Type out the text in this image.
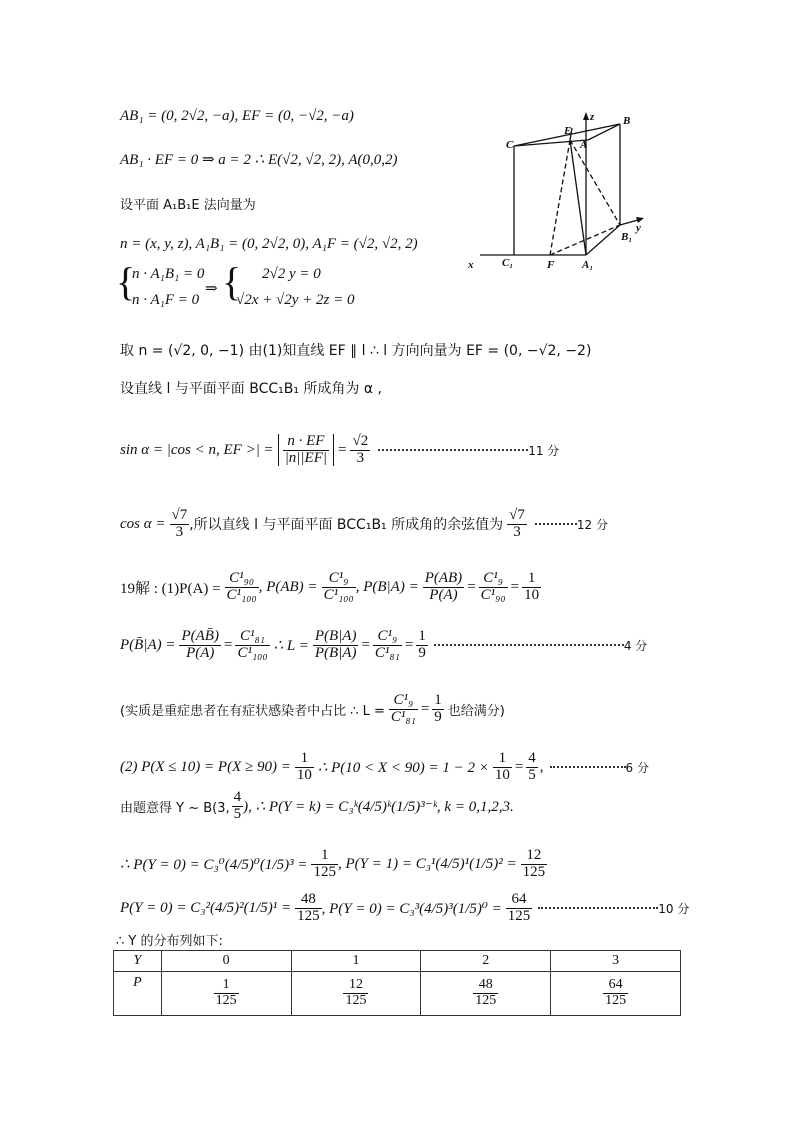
AB₁ = (0, 2√2, −a), EF = (0, −√2, −a)
AB₁ · EF = 0 ⇒ a = 2 ∴ E(√2, √2, 2), A(0,0,2)
设平面 A₁B₁E 法向量为
n = (x, y, z), A₁B₁ = (0, 2√2, 0), A₁F = (√2, √2, 2)
{
n · A₁B₁ = 0
n · A₁F = 0
⇒ { 2√2 y = 0
√2x + √2y + 2z = 0
取 n = (√2, 0, −1) 由(1)知直线 EF ∥ l ∴ l 方向向量为 EF = (0, −√2, −2)
设直线 l 与平面平面 BCC₁B₁ 所成角为 α ,
sin α = |cos < n, EF >| = $\frac{n \cdot EF}{|n||EF|} = \frac{√2}{3}$	11 分
$\cos \alpha = \frac{√7}{3}$ ,所以直线 l 与平面平面 BCC₁B₁ 所成角的余弦值为 $\frac{√7}{3}$	12 分
C
E
z	B
A
y
B₁
x	C₁	F	A₁
19解 : $(1)P(A) = \frac{\text{C¹₉₀}}{\text{C¹₁₀₀}}$ , $P(AB) = \frac{\text{C¹₉}}{\text{C¹₁₀₀}}$ , $P(B|A) = \frac{P(AB)}{P(A)} = \frac{\text{C¹₉}}{\text{C¹₉₀}} = \frac{1}{10}$
P(B̄|A) = $\frac{P(AB̄)}{P(A)} = \frac{\text{C¹₈₁}}{\text{C¹₁₀₀}}$ ∴ $L = \frac{P(B|A)}{P(B̄|A)} = \frac{\text{C¹₉}}{\text{C¹₈₁}} = \frac{1}{9}$	4 分
(实质是重症患者在有症状感染者中占比 ∴ $L = \frac{\text{C¹₉}}{\text{C¹₈₁}} = \frac{1}{9}$ 也给满分)
(2) $P(X \le 10) = P(X \ge 90) = \frac{1}{10}$ ∴ $P(10 < X < 90) = 1 - 2 \times \frac{1}{10} = \frac{4}{5}$ ,	6 分
由题意得 Y ~ B(3, $\frac{4}{5}$ ), ∴ P(Y = k) = C₃ᵏ(4/5)ᵏ(1/5)³⁻ᵏ, k = 0,1,2,3.
∴ $P(Y = 0) = C_3^0(4/5)^0(1/5)^3 = \frac{1}{125}$ , $P(Y = 1) = C_3^1(4/5)^1(1/5)^2 = \frac{12}{125}$
$P(Y = 0) = C_3^2(4/5)^2(1/5)^1 = \frac{48}{125}$ , $P(Y = 0) = C_3^3(4/5)^3(1/5)^0 = \frac{64}{125}$	10 分
∴ Y 的分布列如下:
Y	0	1	2	3
P	$\frac{1}{125}$	$\frac{12}{125}$	$\frac{48}{125}$	$\frac{64}{125}$
